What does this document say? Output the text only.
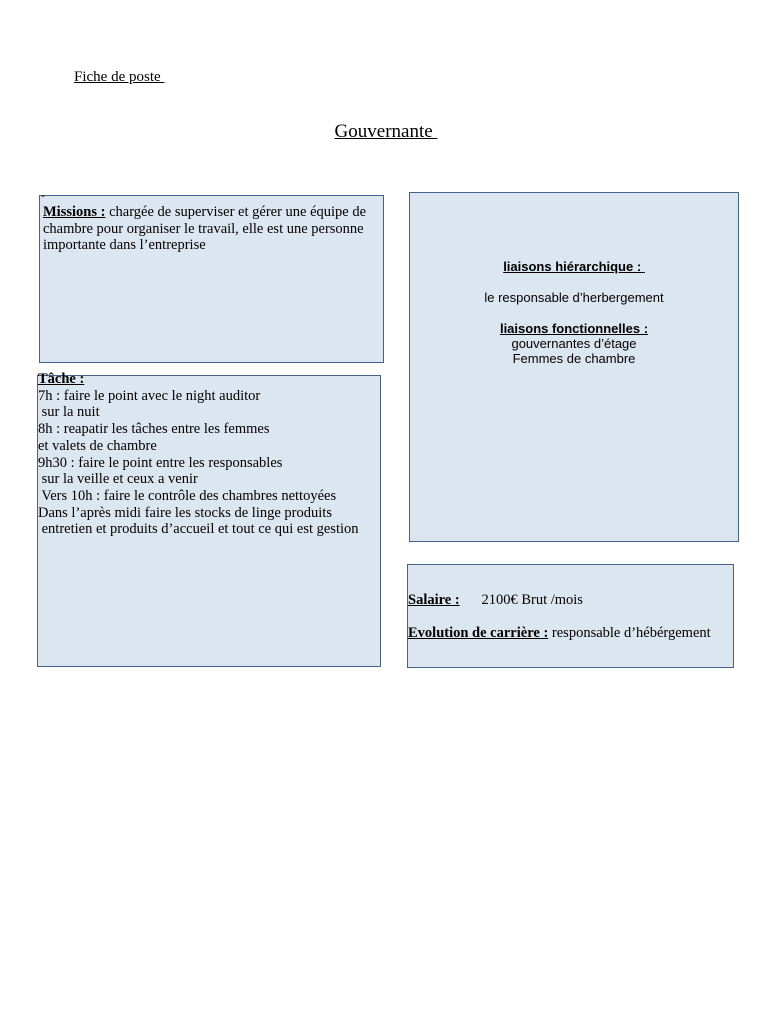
Fiche de poste
Gouvernante
-
Missions : chargée de superviser et gérer une équipe de chambre pour organiser le travail, elle est une personne importante dans l’entreprise
Tâche :
7h : faire le point avec le night auditor
sur la nuit
8h : reapatir les tâches entre les femmes
et valets de chambre
9h30 : faire le point entre les responsables
sur la veille et ceux a venir
Vers 10h : faire le contrôle des chambres nettoyées
Dans l’après midi faire les stocks de linge produits
entretien et produits d’accueil et tout ce qui est gestion
liaisons hiérarchique :
le responsable d’herbergement
liaisons fonctionnelles :
gouvernantes d’étage
Femmes de chambre
Salaire : 2100€ Brut /mois
Evolution de carrière : responsable d’hébérgement
